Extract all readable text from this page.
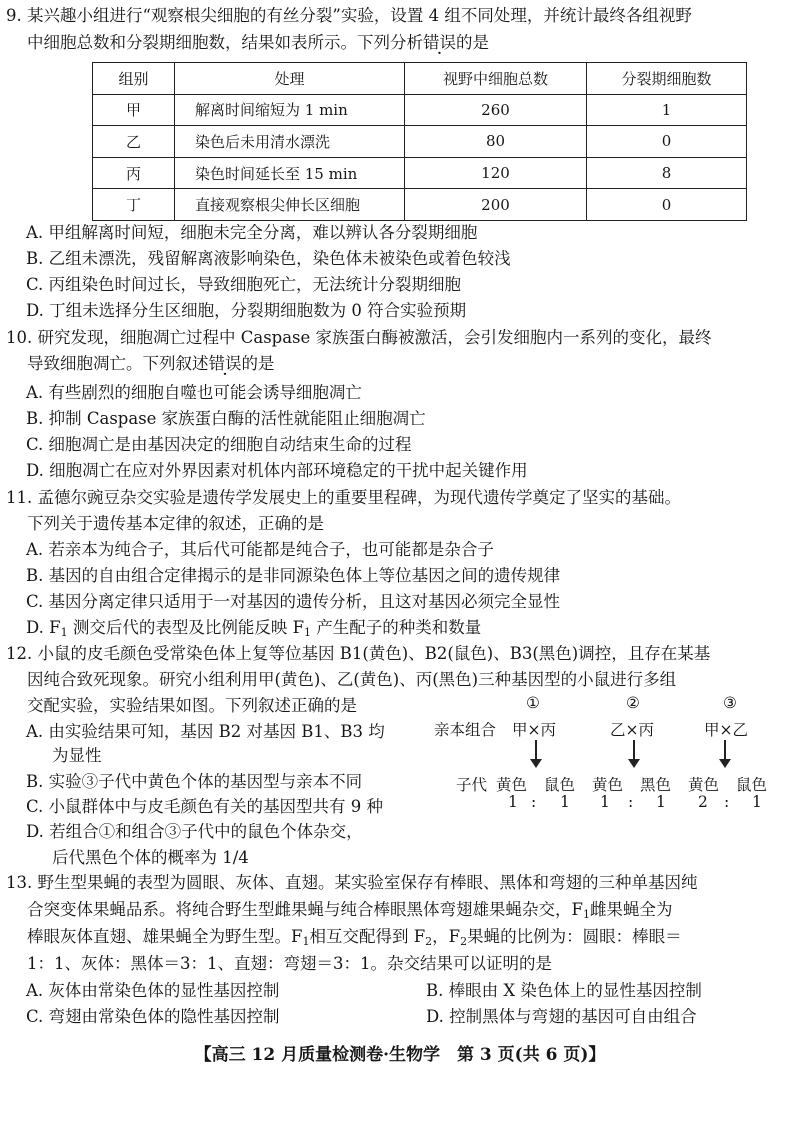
9. 某兴趣小组进行“观察根尖细胞的有丝分裂”实验，设置 4 组不同处理，并统计最终各组视野
中细胞总数和分裂期细胞数，结果如表所示。下列分析错误的是
组别	处理	视野中细胞总数	分裂期细胞数
甲	解离时间缩短为 1 min	260	1
乙	染色后未用清水漂洗	80	0
丙	染色时间延长至 15 min	120	8
丁	直接观察根尖伸长区细胞	200	0
A. 甲组解离时间短，细胞未完全分离，难以辨认各分裂期细胞
B. 乙组未漂洗，残留解离液影响染色，染色体未被染色或着色较浅
C. 丙组染色时间过长，导致细胞死亡，无法统计分裂期细胞
D. 丁组未选择分生区细胞，分裂期细胞数为 0 符合实验预期
10. 研究发现，细胞凋亡过程中 Caspase 家族蛋白酶被激活，会引发细胞内一系列的变化，最终
导致细胞凋亡。下列叙述错误的是
A. 有些剧烈的细胞自噬也可能会诱导细胞凋亡
B. 抑制 Caspase 家族蛋白酶的活性就能阻止细胞凋亡
C. 细胞凋亡是由基因决定的细胞自动结束生命的过程
D. 细胞凋亡在应对外界因素对机体内部环境稳定的干扰中起关键作用
11. 孟德尔豌豆杂交实验是遗传学发展史上的重要里程碑，为现代遗传学奠定了坚实的基础。
下列关于遗传基本定律的叙述，正确的是
A. 若亲本为纯合子，其后代可能都是纯合子，也可能都是杂合子
B. 基因的自由组合定律揭示的是非同源染色体上等位基因之间的遗传规律
C. 基因分离定律只适用于一对基因的遗传分析，且这对基因必须完全显性
D. $F_1$ 测交后代的表型及比例能反映 $F_1$ 产生配子的种类和数量
12. 小鼠的皮毛颜色受常染色体上复等位基因 B1(黄色)、B2(鼠色)、B3(黑色)调控，且存在某基
因纯合致死现象。研究小组利用甲(黄色)、乙(黄色)、丙(黑色)三种基因型的小鼠进行多组
交配实验，实验结果如图。下列叙述正确的是
A. 由实验结果可知，基因 B2 对基因 B1、B3 均
为显性
B. 实验③子代中黄色个体的基因型与亲本不同
C. 小鼠群体中与皮毛颜色有关的基因型共有 9 种
D. 若组合①和组合③子代中的鼠色个体杂交，
后代黑色个体的概率为 1/4
①	②	③
亲本组合 甲×丙	乙×丙	甲×乙
子代 黄色 鼠色 黄色 黑色 黄色 鼠色
1 : 1 1 : 1 2 : 1
13. 野生型果蝇的表型为圆眼、灰体、直翅。某实验室保存有棒眼、黑体和弯翅的三种单基因纯
合突变体果蝇品系。将纯合野生型雌果蝇与纯合棒眼黑体弯翅雄果蝇杂交，$F_1$雌果蝇全为
棒眼灰体直翅、雄果蝇全为野生型。$F_1$相互交配得到 $F_2$，$F_2$果蝇的比例为：圆眼：棒眼＝
1：1、灰体：黑体＝3：1、直翅：弯翅＝3：1。杂交结果可以证明的是
A. 灰体由常染色体的显性基因控制	B. 棒眼由 X 染色体上的显性基因控制
C. 弯翅由常染色体的隐性基因控制	D. 控制黑体与弯翅的基因可自由组合
【高三 12 月质量检测卷·生物学　第 3 页(共 6 页)】
